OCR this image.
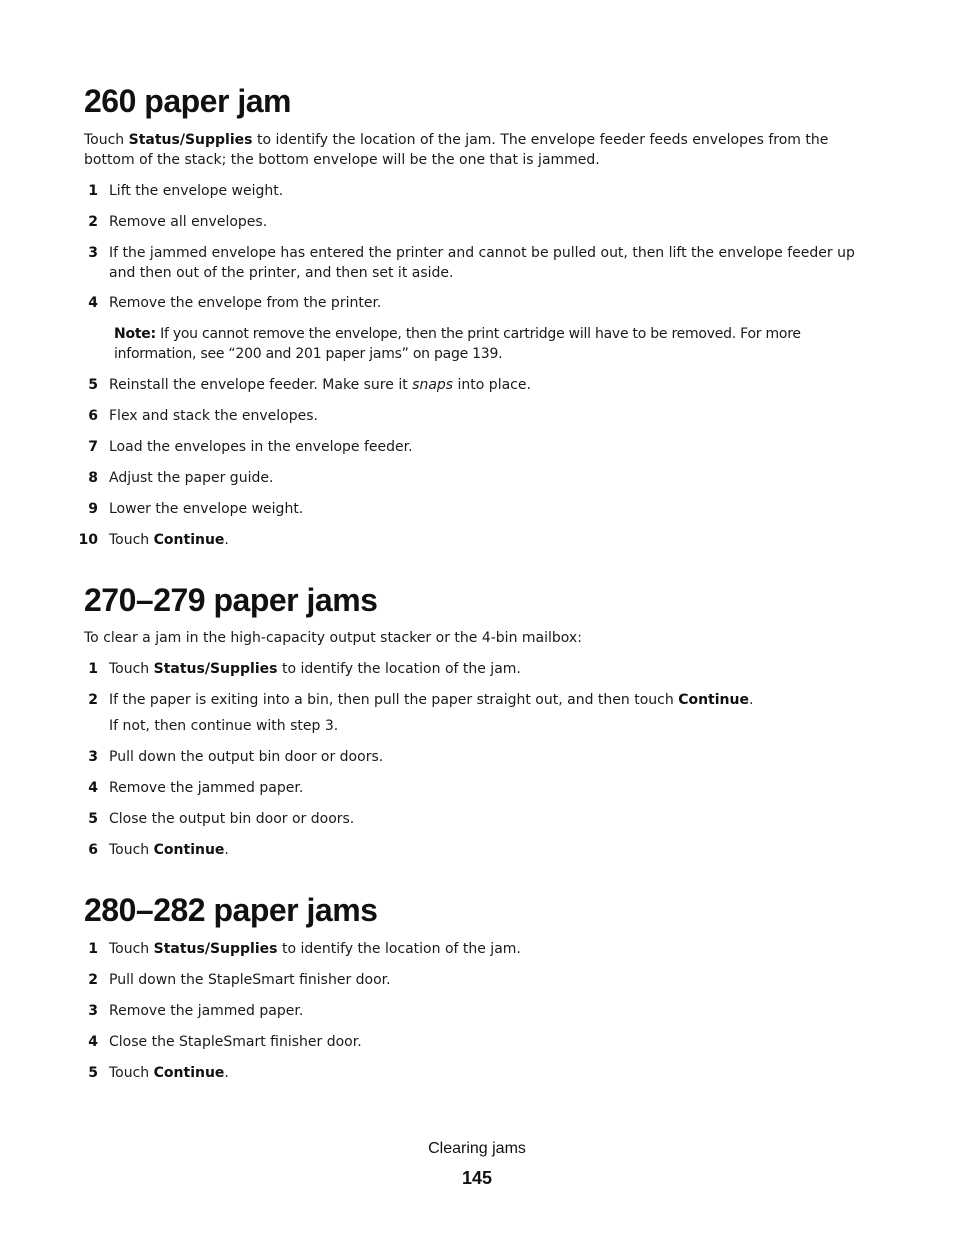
260 paper jam

Touch Status/Supplies to identify the location of the jam. The envelope feeder feeds envelopes from the bottom of the stack; the bottom envelope will be the one that is jammed.

1 Lift the envelope weight.
2 Remove all envelopes.
3 If the jammed envelope has entered the printer and cannot be pulled out, then lift the envelope feeder up and then out of the printer, and then set it aside.
4 Remove the envelope from the printer.
Note: If you cannot remove the envelope, then the print cartridge will have to be removed. For more information, see “200 and 201 paper jams” on page 139.
5 Reinstall the envelope feeder. Make sure it snaps into place.
6 Flex and stack the envelopes.
7 Load the envelopes in the envelope feeder.
8 Adjust the paper guide.
9 Lower the envelope weight.
10 Touch Continue.
270–279 paper jams

To clear a jam in the high-capacity output stacker or the 4-bin mailbox:

1 Touch Status/Supplies to identify the location of the jam.
2 If the paper is exiting into a bin, then pull the paper straight out, and then touch Continue.
If not, then continue with step 3.
3 Pull down the output bin door or doors.
4 Remove the jammed paper.
5 Close the output bin door or doors.
6 Touch Continue.
280–282 paper jams
1 Touch Status/Supplies to identify the location of the jam.
2 Pull down the StapleSmart finisher door.
3 Remove the jammed paper.
4 Close the StapleSmart finisher door.
5 Touch Continue.
Clearing jams
145
